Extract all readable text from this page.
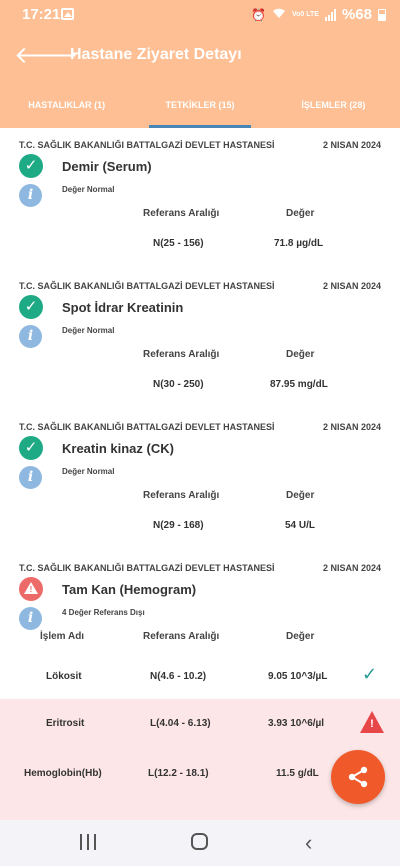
17:21	⏰	Vo0 LTE %68
🡐
Hastane Ziyaret Detayı
HASTALIKLAR (1)	TETKİKLER (15)	İŞLEMLER (28)
T.C. SAĞLIK BAKANLIĞI BATTALGAZİ DEVLET HASTANESİ	2 NISAN 2024
✓	Demir (Serum)
i	Değer Normal
Referans Aralığı	Değer
N(25 - 156)	71.8 µg/dL
T.C. SAĞLIK BAKANLIĞI BATTALGAZİ DEVLET HASTANESİ	2 NISAN 2024
✓	Spot İdrar Kreatinin
i	Değer Normal
Referans Aralığı	Değer
N(30 - 250)	87.95 mg/dL
T.C. SAĞLIK BAKANLIĞI BATTALGAZİ DEVLET HASTANESİ	2 NISAN 2024
✓	Kreatin kinaz (CK)
i	Değer Normal
Referans Aralığı	Değer
N(29 - 168)	54 U/L
T.C. SAĞLIK BAKANLIĞI BATTALGAZİ DEVLET HASTANESİ	2 NISAN 2024
!
Tam Kan (Hemogram)
i	4 Değer Referans Dışı
İşlem Adı	Referans Aralığı	Değer
Lökosit	N(4.6 - 10.2)	9.05 10^3/µL ✓
Eritrosit	L(4.04 - 6.13)	3.93 10^6/µl
!
Hemoglobin(Hb)	L(12.2 - 18.1)	11.5 g/dL
‹
